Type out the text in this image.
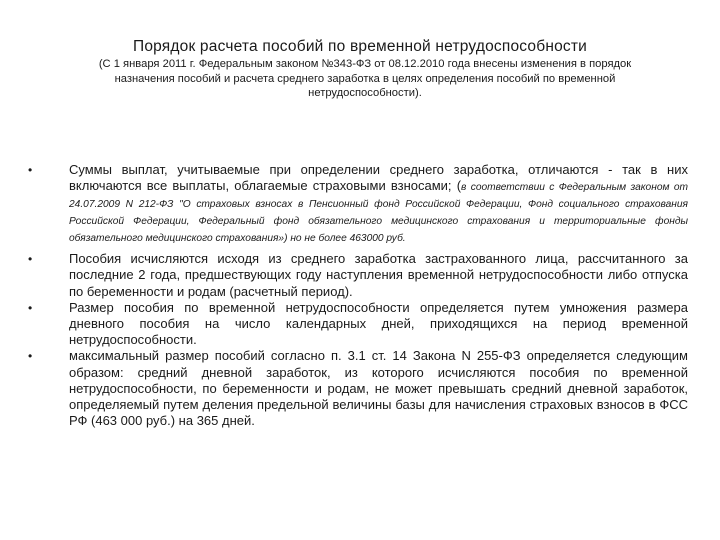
Порядок расчета пособий по временной нетрудоспособности
(С 1 января 2011 г. Федеральным законом №343-ФЗ от 08.12.2010 года внесены изменения в порядок назначения пособий и расчета среднего заработка в целях определения пособий по временной нетрудоспособности).
•	Суммы выплат, учитываемые при определении среднего заработка, отличаются - так в них включаются все выплаты, облагаемые страховыми взносами; (в соответствии с Федеральным законом от 24.07.2009 N 212-ФЗ "О страховых взносах в Пенсионный фонд Российской Федерации, Фонд социального страхования Российской Федерации, Федеральный фонд обязательного медицинского страхования и территориальные фонды обязательного медицинского страхования») но не более 463000 руб.
•	Пособия исчисляются исходя из среднего заработка застрахованного лица, рассчитанного за последние 2 года, предшествующих году наступления временной нетрудоспособности либо отпуска по беременности и родам (расчетный период).
•	Размер пособия по временной нетрудоспособности определяется путем умножения размера дневного пособия на число календарных дней, приходящихся на период временной нетрудоспособности.
•	максимальный размер пособий согласно п. 3.1 ст. 14 Закона N 255-ФЗ определяется следующим образом: средний дневной заработок, из которого исчисляются пособия по временной нетрудоспособности, по беременности и родам, не может превышать средний дневной заработок, определяемый путем деления предельной величины базы для начисления страховых взносов в ФСС РФ (463 000 руб.) на 365 дней.
